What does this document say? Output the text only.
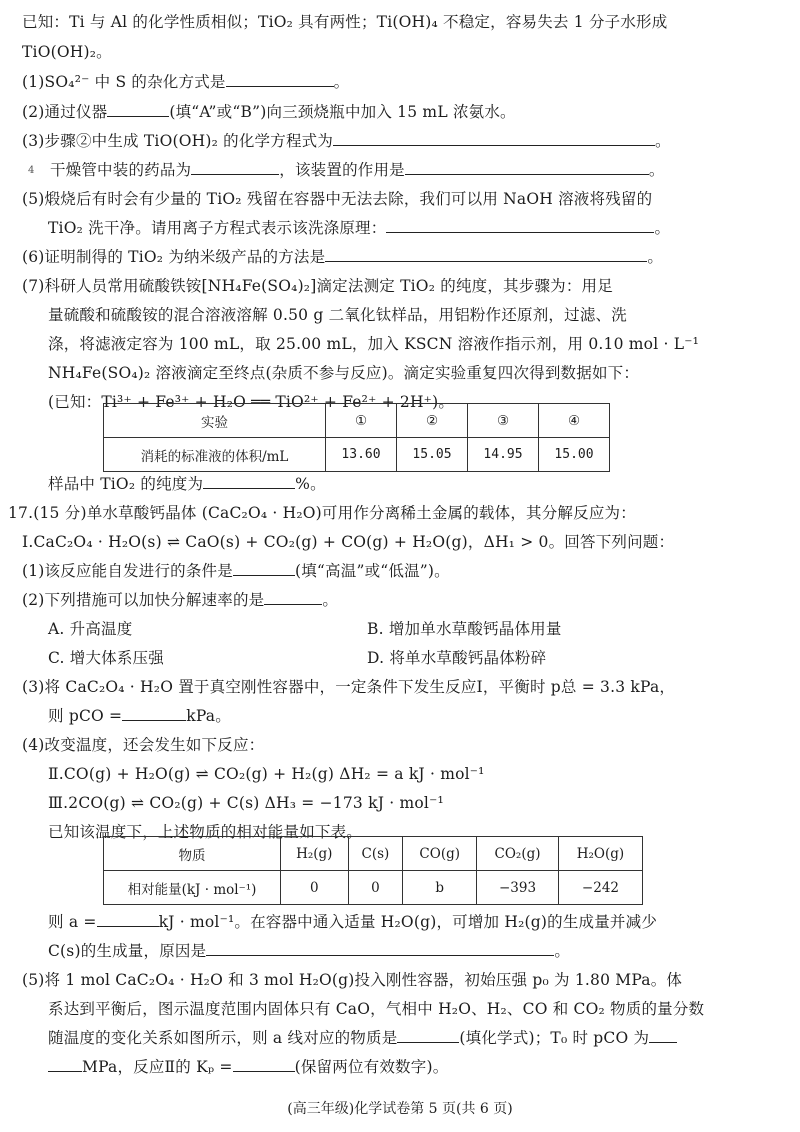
已知：Ti 与 Al 的化学性质相似；TiO₂ 具有两性；Ti(OH)₄ 不稳定，容易失去 1 分子水形成
TiO(OH)₂。
(1)SO₄²⁻ 中 S 的杂化方式是	。
(2)通过仪器	(填“A”或“B”)向三颈烧瓶中加入 15 mL 浓氨水。
(3)步骤②中生成 TiO(OH)₂ 的化学方程式为	。
4 干燥管中装的药品为	，该装置的作用是	。
(5)煅烧后有时会有少量的 TiO₂ 残留在容器中无法去除，我们可以用 NaOH 溶液将残留的
TiO₂ 洗干净。请用离子方程式表示该洗涤原理：	。
(6)证明制得的 TiO₂ 为纳米级产品的方法是	。
(7)科研人员常用硫酸铁铵[NH₄Fe(SO₄)₂]滴定法测定 TiO₂ 的纯度，其步骤为：用足
量硫酸和硫酸铵的混合溶液溶解 0.50 g 二氧化钛样品，用铝粉作还原剂，过滤、洗
涤，将滤液定容为 100 mL，取 25.00 mL，加入 KSCN 溶液作指示剂，用 0.10 mol · L⁻¹
NH₄Fe(SO₄)₂ 溶液滴定至终点(杂质不参与反应)。滴定实验重复四次得到数据如下：
(已知：Ti³⁺ + Fe³⁺ + H₂O ══ TiO²⁺ + Fe²⁺ + 2H⁺)。
实验	①	②	③	④
消耗的标准液的体积/mL	13.60	15.05	14.95	15.00
样品中 TiO₂ 的纯度为	%。
17.(15 分)单水草酸钙晶体 (CaC₂O₄ · H₂O)可用作分离稀土金属的载体，其分解反应为：
Ⅰ.CaC₂O₄ · H₂O(s) ⇌ CaO(s) + CO₂(g) + CO(g) + H₂O(g)，ΔH₁ > 0。回答下列问题：
(1)该反应能自发进行的条件是	(填“高温”或“低温”)。
(2)下列措施可以加快分解速率的是	。
A. 升高温度	B. 增加单水草酸钙晶体用量
C. 增大体系压强	D. 将单水草酸钙晶体粉碎
(3)将 CaC₂O₄ · H₂O 置于真空刚性容器中，一定条件下发生反应Ⅰ，平衡时 p总 = 3.3 kPa，
则 pCO =	kPa。
(4)改变温度，还会发生如下反应：
Ⅱ.CO(g) + H₂O(g) ⇌ CO₂(g) + H₂(g) ΔH₂ = a kJ · mol⁻¹
Ⅲ.2CO(g) ⇌ CO₂(g) + C(s) ΔH₃ = −173 kJ · mol⁻¹
已知该温度下，上述物质的相对能量如下表。
物质	H₂(g)	C(s)	CO(g)	CO₂(g)	H₂O(g)
相对能量(kJ · mol⁻¹)	0	0	b	−393	−242
则 a =	kJ · mol⁻¹。在容器中通入适量 H₂O(g)，可增加 H₂(g)的生成量并减少
C(s)的生成量，原因是	。
(5)将 1 mol CaC₂O₄ · H₂O 和 3 mol H₂O(g)投入刚性容器，初始压强 p₀ 为 1.80 MPa。体
系达到平衡后，图示温度范围内固体只有 CaO，气相中 H₂O、H₂、CO 和 CO₂ 物质的量分数
随温度的变化关系如图所示，则 a 线对应的物质是	(填化学式)；T₀ 时 pCO 为
MPa，反应Ⅱ的 Kₚ =	(保留两位有效数字)。
(高三年级)化学试卷第 5 页(共 6 页)
